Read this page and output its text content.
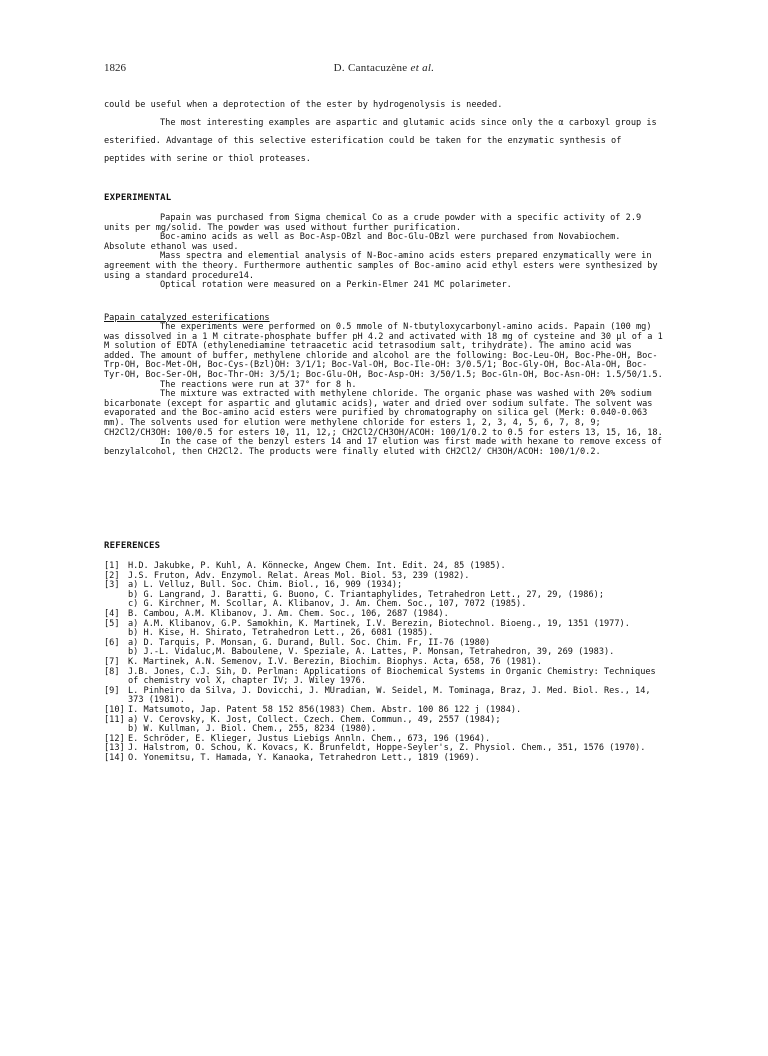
1826	D. Cantacuzène et al.

could be useful when a deprotection of the ester by hydrogenolysis is needed.

The most interesting examples are aspartic and glutamic acids since only the α carboxyl group is esterified. Advantage of this selective esterification could be taken for the enzymatic synthesis of peptides with serine or thiol proteases.

EXPERIMENTAL

Papain was purchased from Sigma chemical Co as a crude powder with a specific activity of 2.9 units per mg/solid. The powder was used without further purification.

Boc-amino acids as well as Boc-Asp-OBzl and Boc-Glu-OBzl were purchased from Novabiochem. Absolute ethanol was used.

Mass spectra and elemential analysis of N-Boc-amino acids esters prepared enzymatically were in agreement with the theory. Furthermore authentic samples of Boc-amino acid ethyl esters were synthesized by using a standard procedure14.

Optical rotation were measured on a Perkin-Elmer 241 MC polarimeter.

Papain catalyzed esterifications

The experiments were performed on 0.5 mmole of N-tbutyloxycarbonyl-amino acids. Papain (100 mg) was dissolved in a 1 M citrate-phosphate buffer pH 4.2 and activated with 18 mg of cysteine and 30 µl of a 1 M solution of EDTA (ethylenediamine tetraacetic acid tetrasodium salt, trihydrate). The amino acid was added. The amount of buffer, methylene chloride and alcohol are the following: Boc-Leu-OH, Boc-Phe-OH, Boc-Trp-OH, Boc-Met-OH, Boc-Cys-(Bzl)OH: 3/1/1; Boc-Val-OH, Boc-Ile-OH: 3/0.5/1; Boc-Gly-OH, Boc-Ala-OH, Boc-Tyr-OH, Boc-Ser-OH, Boc-Thr-OH: 3/5/1; Boc-Glu-OH, Boc-Asp-OH: 3/50/1.5; Boc-Gln-OH, Boc-Asn-OH: 1.5/50/1.5.

The reactions were run at 37° for 8 h.

The mixture was extracted with methylene chloride. The organic phase was washed with 20% sodium bicarbonate (except for aspartic and glutamic acids), water and dried over sodium sulfate. The solvent was evaporated and the Boc-amino acid esters were purified by chromatography on silica gel (Merk: 0.040-0.063 mm). The solvents used for elution were methylene chloride for esters 1, 2, 3, 4, 5, 6, 7, 8, 9; CH2Cl2/CH3OH: 100/0.5 for esters 10, 11, 12,; CH2Cl2/CH3OH/ACOH: 100/1/0.2 to 0.5 for esters 13, 15, 16, 18.

In the case of the benzyl esters 14 and 17 elution was first made with hexane to remove excess of benzylalcohol, then CH2Cl2. The products were finally eluted with CH2Cl2/ CH3OH/ACOH: 100/1/0.2.

REFERENCES
[1] H.D. Jakubke, P. Kuhl, A. Könnecke, Angew Chem. Int. Edit. 24, 85 (1985).
[2] J.S. Fruton, Adv. Enzymol. Relat. Areas Mol. Biol. 53, 239 (1982).
[3] a) L. Velluz, Bull. Soc. Chim. Biol., 16, 909 (1934);
b) G. Langrand, J. Baratti, G. Buono, C. Triantaphylides, Tetrahedron Lett., 27, 29, (1986);
c) G. Kirchner, M. Scollar, A. Klibanov, J. Am. Chem. Soc., 107, 7072 (1985).
[4] B. Cambou, A.M. Klibanov, J. Am. Chem. Soc., 106, 2687 (1984).
[5] a) A.M. Klibanov, G.P. Samokhin, K. Martinek, I.V. Berezin, Biotechnol. Bioeng., 19, 1351 (1977).
b) H. Kise, H. Shirato, Tetrahedron Lett., 26, 6081 (1985).
[6] a) D. Tarquis, P. Monsan, G. Durand, Bull. Soc. Chim. Fr, II-76 (1980)
b) J.-L. Vidaluc,M. Baboulene, V. Speziale, A. Lattes, P. Monsan, Tetrahedron, 39, 269 (1983).
[7] K. Martinek, A.N. Semenov, I.V. Berezin, Biochim. Biophys. Acta, 658, 76 (1981).
[8] J.B. Jones, C.J. Sih, D. Perlman: Applications of Biochemical Systems in Organic Chemistry: Techniques of chemistry vol X, chapter IV; J. Wiley 1976.
[9] L. Pinheiro da Silva, J. Dovicchi, J. MUradian, W. Seidel, M. Tominaga, Braz, J. Med. Biol. Res., 14, 373 (1981).
[10] I. Matsumoto, Jap. Patent 58 152 856(1983) Chem. Abstr. 100 86 122 j (1984).
[11] a) V. Cerovsky, K. Jost, Collect. Czech. Chem. Commun., 49, 2557 (1984);
b) W. Kullman, J. Biol. Chem., 255, 8234 (1980).
[12] E. Schröder, E. Klieger, Justus Liebigs Annln. Chem., 673, 196 (1964).
[13] J. Halstrom, O. Schou, K. Kovacs, K. Brunfeldt, Hoppe-Seyler's, Z. Physiol. Chem., 351, 1576 (1970).
[14] O. Yonemitsu, T. Hamada, Y. Kanaoka, Tetrahedron Lett., 1819 (1969).
